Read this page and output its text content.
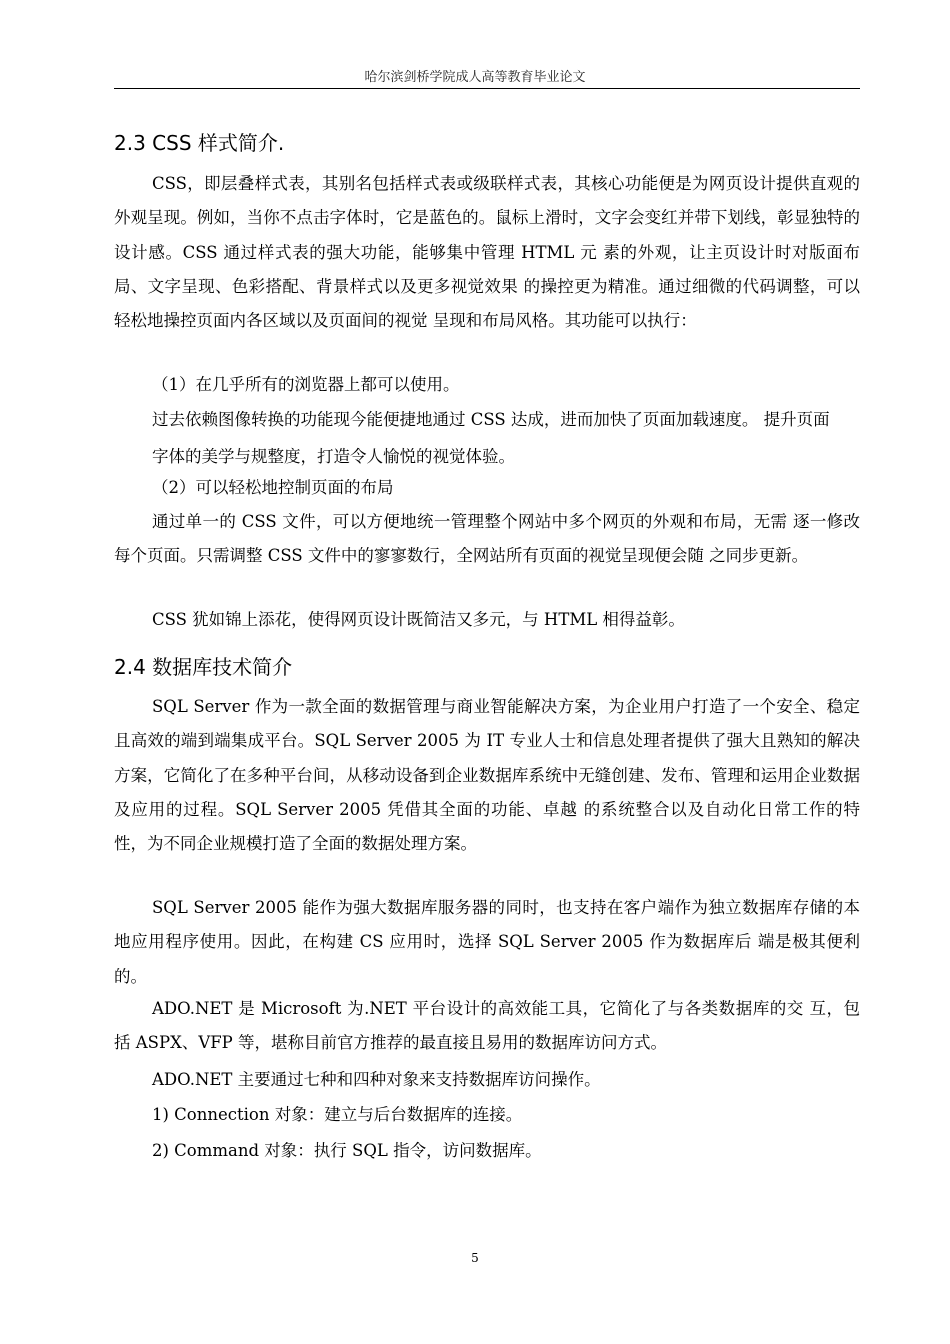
哈尔滨剑桥学院成人高等教育毕业论文
2.3 CSS 样式简介.
CSS，即层叠样式表，其别名包括样式表或级联样式表，其核心功能便是为网页设计提供直观的外观呈现。例如，当你不点击字体时，它是蓝色的。鼠标上滑时，文字会变红并带下划线，彰显独特的设计感。CSS 通过样式表的强大功能，能够集中管理 HTML 元 素的外观，让主页设计时对版面布局、文字呈现、色彩搭配、背景样式以及更多视觉效果 的操控更为精准。通过细微的代码调整，可以轻松地操控页面内各区域以及页面间的视觉 呈现和布局风格。其功能可以执行：
（1）在几乎所有的浏览器上都可以使用。
过去依赖图像转换的功能现今能便捷地通过 CSS 达成，进而加快了页面加载速度。 提升页面字体的美学与规整度，打造令人愉悦的视觉体验。
（2）可以轻松地控制页面的布局
通过单一的 CSS 文件，可以方便地统一管理整个网站中多个网页的外观和布局，无需 逐一修改每个页面。只需调整 CSS 文件中的寥寥数行，全网站所有页面的视觉呈现便会随 之同步更新。
CSS 犹如锦上添花，使得网页设计既简洁又多元，与 HTML 相得益彰。
2.4 数据库技术简介
SQL Server 作为一款全面的数据管理与商业智能解决方案，为企业用户打造了一个安全、稳定且高效的端到端集成平台。SQL Server 2005 为 IT 专业人士和信息处理者提供了强大且熟知的解决方案，它简化了在多种平台间，从移动设备到企业数据库系统中无缝创建、发布、管理和运用企业数据及应用的过程。SQL Server 2005 凭借其全面的功能、卓越 的系统整合以及自动化日常工作的特性，为不同企业规模打造了全面的数据处理方案。
SQL Server 2005 能作为强大数据库服务器的同时，也支持在客户端作为独立数据库存储的本地应用程序使用。因此，在构建 CS 应用时，选择 SQL Server 2005 作为数据库后 端是极其便利的。
ADO.NET 是 Microsoft 为.NET 平台设计的高效能工具，它简化了与各类数据库的交 互，包括 ASPX、VFP 等，堪称目前官方推荐的最直接且易用的数据库访问方式。
ADO.NET 主要通过七种和四种对象来支持数据库访问操作。
1) Connection 对象：建立与后台数据库的连接。
2) Command 对象：执行 SQL 指令，访问数据库。
5
